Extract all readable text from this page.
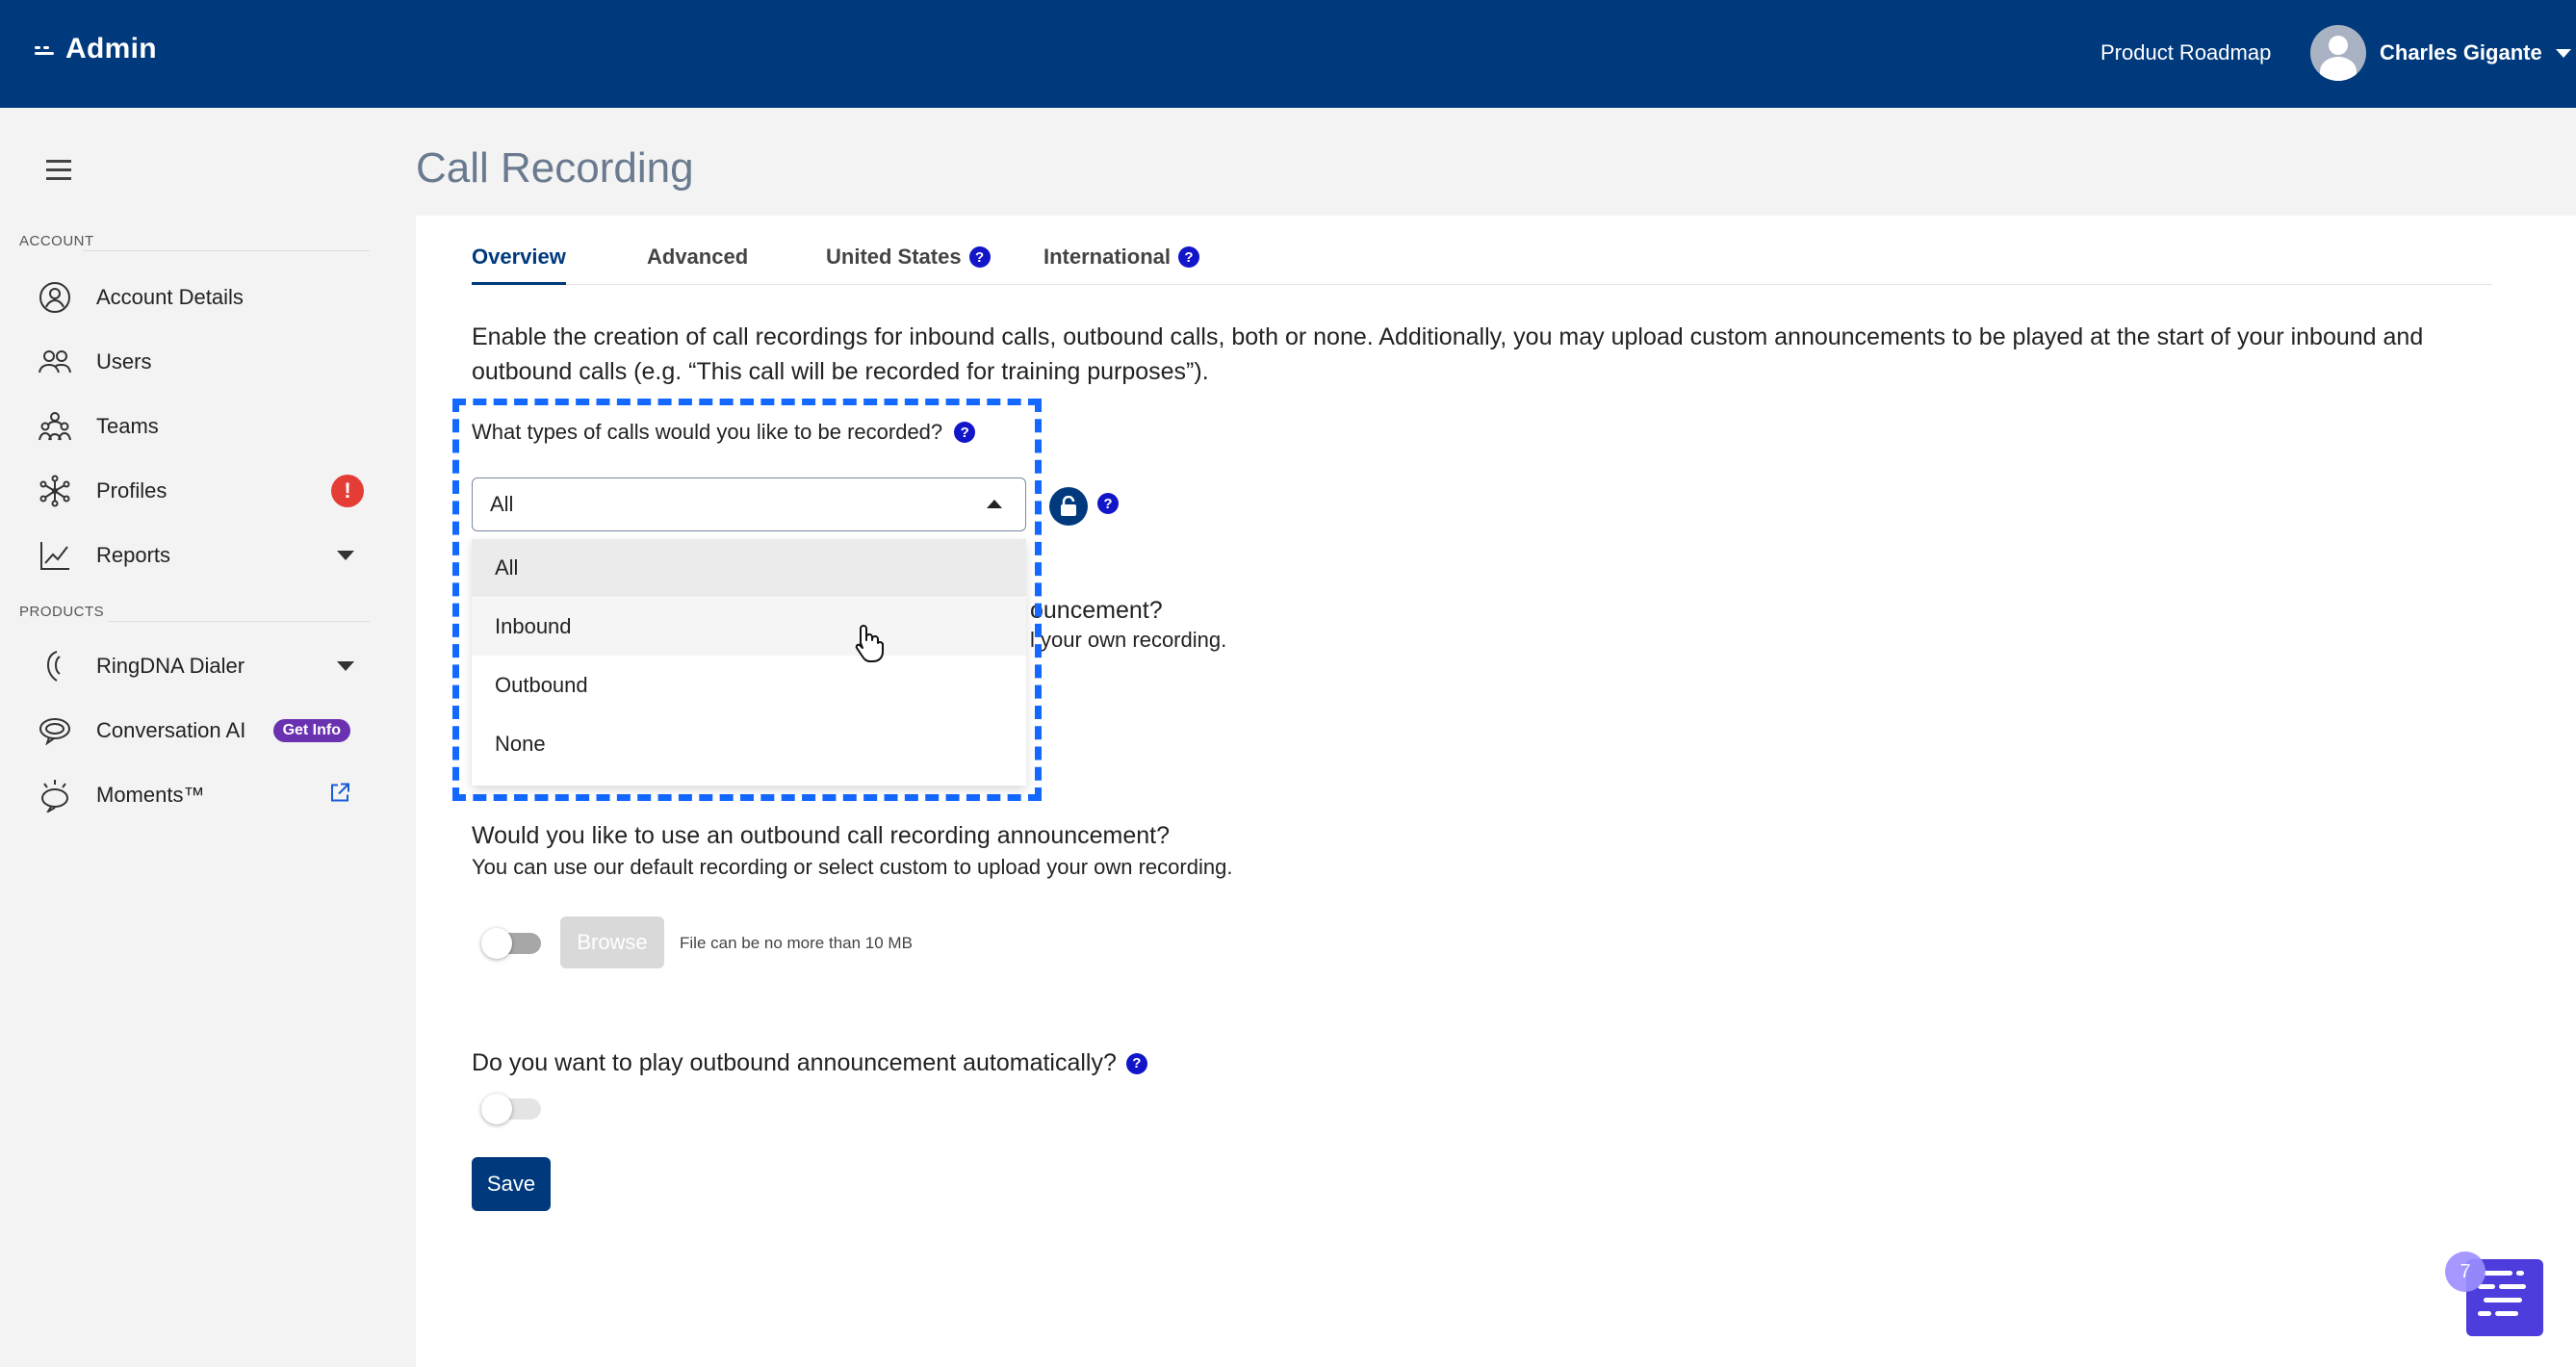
Admin	Product Roadmap	Charles Gigante
ACCOUNT
Account Details
Users
Teams
Profiles	!
Reports
PRODUCTS
RingDNA Dialer
Conversation AI	Get Info
Moments™
Call Recording
Overview	Advanced	United States ?	International ?

Enable the creation of call recordings for inbound calls, outbound calls, both or none. Additionally, you may upload custom announcements to be played at the start of your inbound and outbound calls (e.g. “This call will be recorded for training purposes”).

ouncement?
l your own recording.
What types of calls would you like to be recorded?	?
All	?
All
Inbound
Outbound
None
Would you like to use an outbound call recording announcement?
You can use our default recording or select custom to upload your own recording.
Browse	File can be no more than 10 MB
Do you want to play outbound announcement automatically?	?
Save
7
